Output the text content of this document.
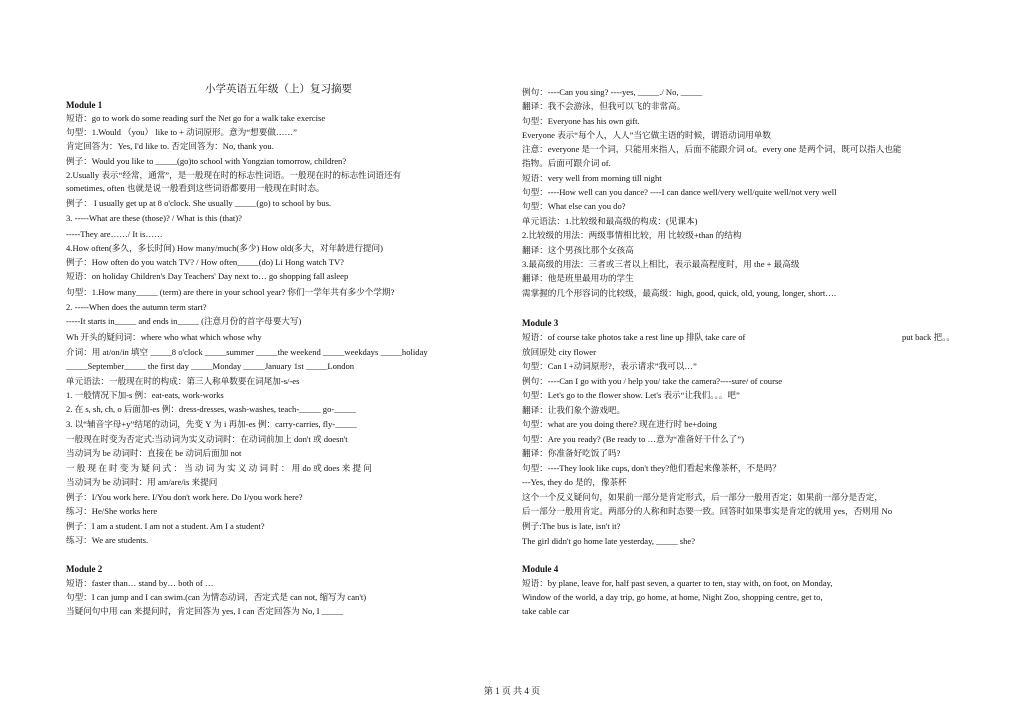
小学英语五年级（上）复习摘要
Module 1
短语：go to work do some reading surf the Net go for a walk take exercise
句型：1.Would （you） like to + 动词原形。意为“想要做……”
肯定回答为：Yes, I'd like to. 否定回答为：No, thank you.
例子：Would you like to _____(go)to school with Yongzian tomorrow, children?
2.Usually 表示“经常，通常”，是一般现在时的标志性词语。一般现在时的标志性词语还有
sometimes, often 也就是说一般看到这些词语都要用一般现在时时态。
例子： I usually get up at 8 o'clock. She usually _____(go) to school by bus.
3. -----What are these (those)? / What is this (that)?
-----They are……/ It is……
4.How often(多久，多长时间) How many/much(多少) How old(多大，对年龄进行提问)
例子：How often do you watch TV? / How often_____(do) Li Hong watch TV?
短语：on holiday Children's Day Teachers' Day next to… go shopping fall asleep
句型：1.How many_____ (term) are there in your school year? 你们一学年共有多少个学期?
2. -----When does the autumn term start?
-----It starts in_____ and ends in_____ (注意月份的首字母要大写)
Wh 开头的疑问词：where who what which whose why
介词：用 at/on/in 填空 _____8 o'clock _____summer _____the weekend _____weekdays _____holiday
_____September_____ the first day _____Monday _____January 1st _____London
单元语法：一般现在时的构成：第三人称单数要在词尾加-s/-es
1. 一般情况下加-s 例：eat-eats, work-works
2. 在 s, sh, ch, o 后面加-es 例：dress-dresses, wash-washes, teach-_____ go-_____
3. 以“辅音字母+y”结尾的动词，先变 Y 为 i 再加-es 例：carry-carries, fly-_____
一般现在时变为否定式:当动词为实义动词时：在动词前加上 don't 或 doesn't
当动词为 be 动词时：直接在 be 动词后面加 not
一 般 现 在 时 变 为 疑 问 式 ： 当 动 词 为 实 义 动 词 时 ： 用 do 或 does 来 提 问
当动词为 be 动词时：用 am/are/is 来提问
例子：I/You work here. I/You don't work here. Do I/you work here?
练习：He/She works here
例子：I am a student. I am not a student. Am I a student?
练习：We are students.
Module 2
短语：faster than… stand by… both of …
句型：I can jump and I can swim.(can 为情态动词，否定式是 can not, 缩写为 can't)
当疑问句中用 can 来提问时，肯定回答为 yes, I can 否定回答为 No, I _____
例句：----Can you sing? ----yes, _____./ No, _____
翻译：我不会游泳，但我可以飞的非常高。
句型：Everyone has his own gift.
Everyone 表示“每个人，人人”当它做主语的时候，谓语动词用单数
注意：everyone 是一个词，只能用来指人，后面不能跟介词 of。every one 是两个词，既可以指人也能
指物。后面可跟介词 of.
短语：very well from morning till night
句型：----How well can you dance? ----I can dance well/very well/quite well/not very well
句型：What else can you do?
单元语法：1.比较级和最高级的构成：(见课本)
2.比较级的用法：两级事情相比较，用 比较级+than 的结构
翻译：这个男孩比那个女孩高
3.最高级的用法：三者或三者以上相比，表示最高程度时，用 the + 最高级
翻译：他是班里最用功的学生
需掌握的几个形容词的比较级，最高级：high, good, quick, old, young, longer, short….
Module 3
短语：of course take photos take a rest line up 排队 take care of	put back 把。。
放回原处 city flower
句型：Can I +动词原形?，表示请求”我可以…”
例句：----Can I go with you / help you/ take the camera?----sure/ of course
句型：Let's go to the flower show. Let's 表示“让我们。。。吧”
翻译：让我们象个游戏吧。
句型：what are you doing there? 现在进行时 be+doing
句型：Are you ready? (Be ready to …意为“准备好干什么了”)
翻译：你准备好吃饭了吗?
句型：----They look like cups, don't they?他们看起来像茶杯，不是吗？
---Yes, they do 是的，像茶杯
这个一个反义疑问句，如果前一部分是肯定形式，后一部分一般用否定；如果前一部分是否定，
后一部分一般用肯定。两部分的人称和时态要一致。回答时如果事实是肯定的就用 yes，否则用 No
例子:The bus is late, isn't it?
The girl didn't go home late yesterday, _____ she?
Module 4
短语：by plane, leave for, half past seven, a quarter to ten, stay with, on foot, on Monday,
Window of the world, a day trip, go home, at home, Night Zoo, shopping centre, get to,
take cable car
第 1 页 共 4 页
